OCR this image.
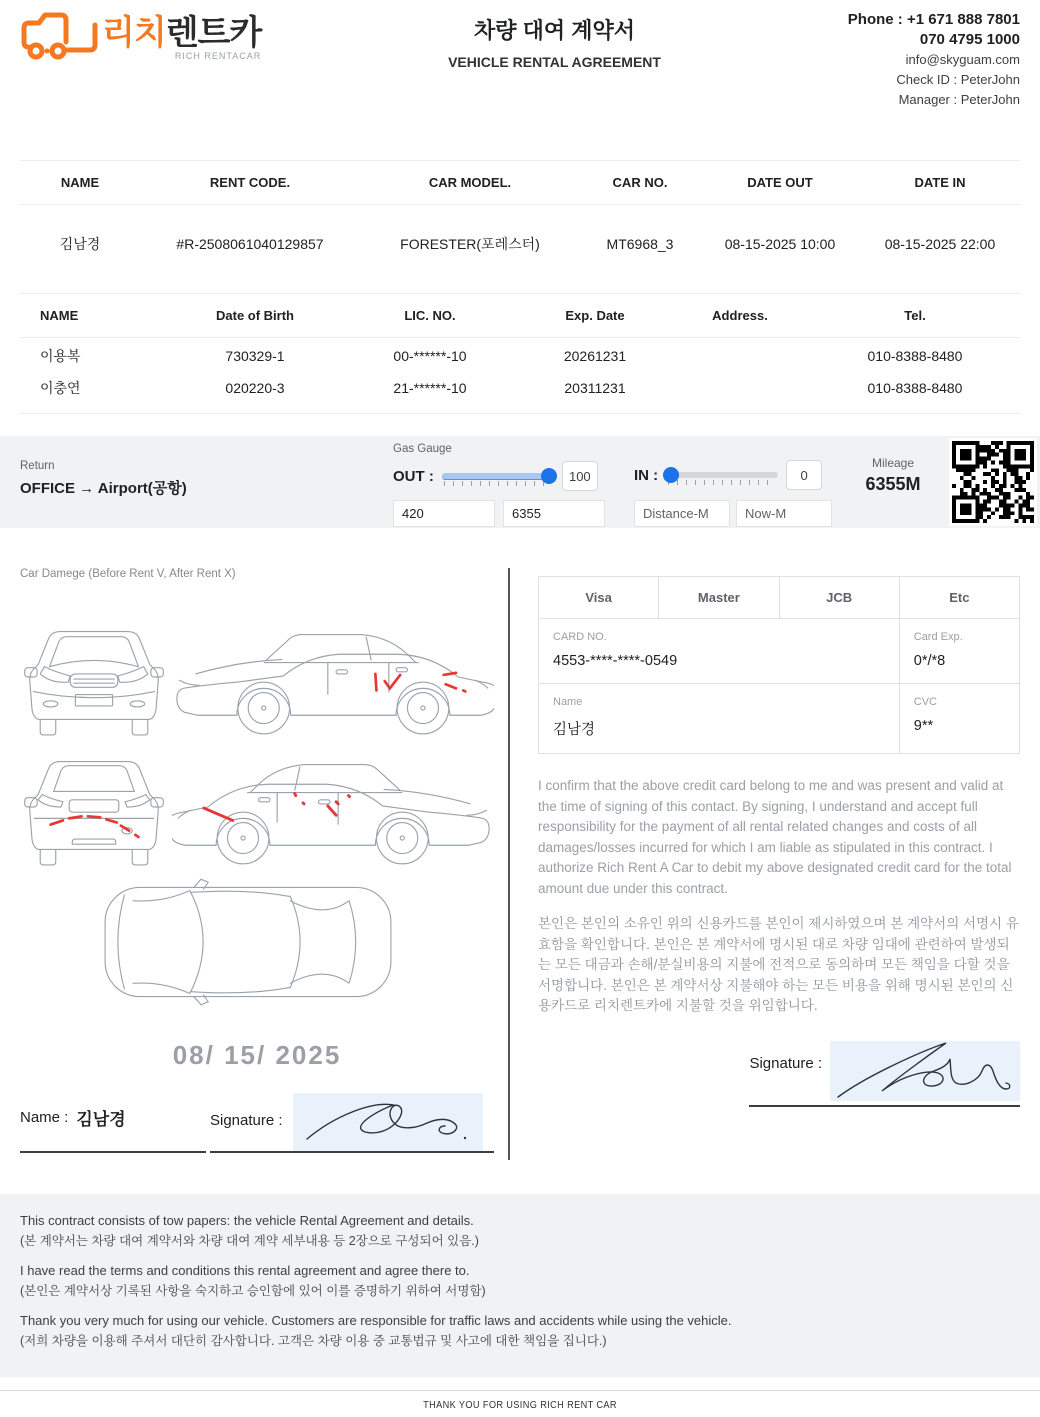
리치렌트카
RICH RENTACAR
차량 대여 계약서
VEHICLE RENTAL AGREEMENT
Phone : +1 671 888 7801
070 4795 1000
info@skyguam.com
Check ID : PeterJohn
Manager : PeterJohn
NAME	RENT CODE.	CAR MODEL.	CAR NO.	DATE OUT	DATE IN
김남경	#R-2508061040129857	FORESTER(포레스터)	MT6968_3	08-15-2025 10:00	08-15-2025 22:00
NAME	Date of Birth	LIC. NO.	Exp. Date	Address.	Tel.
이용복	730329-1	00-******-10	20261231		010-8388-8480
이충연	020220-3	21-******-10	20311231		010-8388-8480
Return
OFFICE → Airport(공항)
Gas Gauge
OUT :	100
420
6355	IN :	0
Distance-M
Now-M
Mileage
6355M
Car Damege (Before Rent V, After Rent X)
08/ 15/ 2025
Name : 김남경	Signature :
Visa	Master	JCB	Etc

CARD NO.
4553-****-****-0549

Card Exp.
0*/*8

Name
김남경

CVC
9**

I confirm that the above credit card belong to me and was present and valid at the time of signing of this contact. By signing, I understand and accept full responsibility for the payment of all rental related changes and costs of all damages/losses incurred for which I am liable as stipulated in this contract. I authorize Rich Rent A Car to debit my above designated credit card for the total amount due under this contract.

본인은 본인의 소유인 위의 신용카드를 본인이 제시하였으며 본 계약서의 서명시 유효함을 확인합니다. 본인은 본 계약서에 명시된 대로 차량 임대에 관련하여 발생되는 모든 대금과 손해/분실비용의 지불에 전적으로 동의하며 모든 책임을 다할 것을 서명합니다. 본인은 본 계약서상 지불해야 하는 모든 비용을 위해 명시된 본인의 신용카드로 리치렌트카에 지불할 것을 위임합니다.

Signature :
This contract consists of tow papers: the vehicle Rental Agreement and details.
(본 계약서는 차량 대여 계약서와 차량 대여 계약 세부내용 등 2장으로 구성되어 있음.)
I have read the terms and conditions this rental agreement and agree there to.
(본인은 계약서상 기록된 사항을 숙지하고 승인함에 있어 이를 증명하기 위하여 서명함)
Thank you very much for using our vehicle. Customers are responsible for traffic laws and accidents while using the vehicle.
(저희 차량을 이용해 주셔서 대단히 감사합니다. 고객은 차량 이용 중 교통법규 및 사고에 대한 책임을 집니다.)
THANK YOU FOR USING RICH RENT CAR
